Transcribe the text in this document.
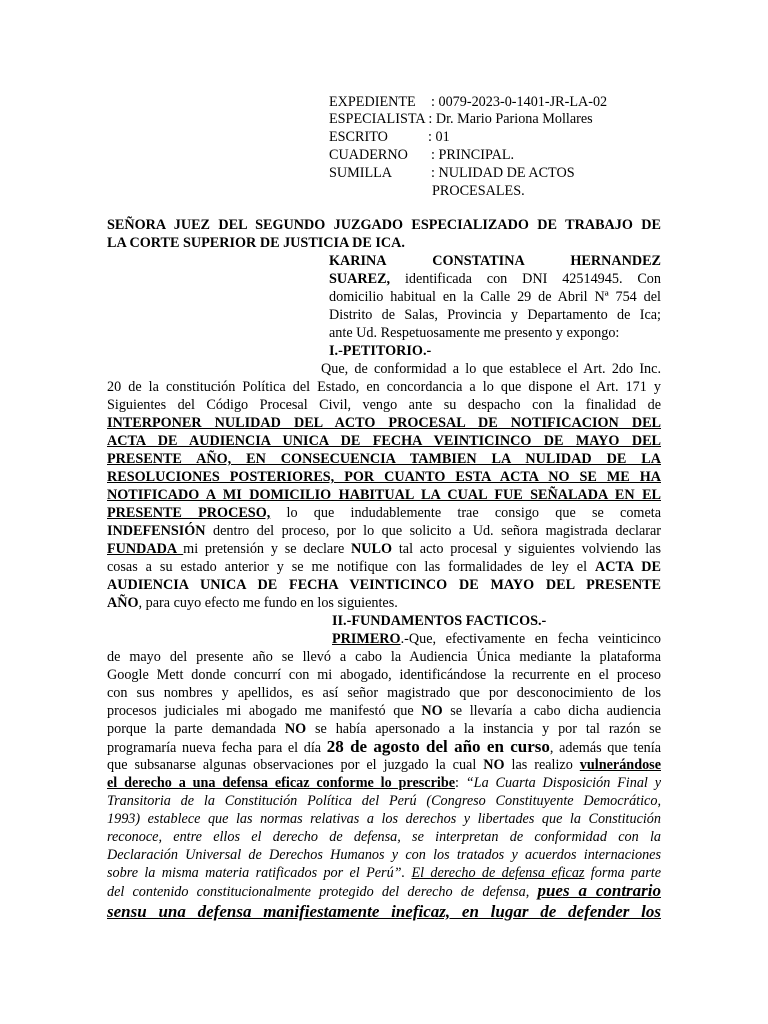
EXPEDIENTE : 0079-2023-0-1401-JR-LA-02
ESPECIALISTA : Dr. Mario Pariona Mollares
ESCRITO	: 01
CUADERNO : PRINCIPAL.
SUMILLA	: NULIDAD DE ACTOS
PROCESALES.
SEÑORA JUEZ DEL SEGUNDO JUZGADO ESPECIALIZADO DE TRABAJO DE
LA CORTE SUPERIOR DE JUSTICIA DE ICA.
KARINA CONSTATINA HERNANDEZ
SUAREZ, identificada con DNI 42514945. Con
domicilio habitual en la Calle 29 de Abril Nª 754 del
Distrito de Salas, Provincia y Departamento de Ica;
ante Ud. Respetuosamente me presento y expongo:
I.-PETITORIO.-
Que, de conformidad a lo que establece el Art. 2do Inc.
20 de la constitución Política del Estado, en concordancia a lo que dispone el Art. 171 y
Siguientes del Código Procesal Civil, vengo ante su despacho con la finalidad de
INTERPONER NULIDAD DEL ACTO PROCESAL DE NOTIFICACION DEL
ACTA DE AUDIENCIA UNICA DE FECHA VEINTICINCO DE MAYO DEL
PRESENTE AÑO, EN CONSECUENCIA TAMBIEN LA NULIDAD DE LA
RESOLUCIONES POSTERIORES, POR CUANTO ESTA ACTA NO SE ME HA
NOTIFICADO A MI DOMICILIO HABITUAL LA CUAL FUE SEÑALADA EN EL
PRESENTE PROCESO, lo que indudablemente trae consigo que se cometa
INDEFENSIÓN dentro del proceso, por lo que solicito a Ud. señora magistrada declarar
FUNDADA mi pretensión y se declare NULO tal acto procesal y siguientes volviendo las
cosas a su estado anterior y se me notifique con las formalidades de ley el ACTA DE
AUDIENCIA UNICA DE FECHA VEINTICINCO DE MAYO DEL PRESENTE
AÑO, para cuyo efecto me fundo en los siguientes.
II.-FUNDAMENTOS FACTICOS.-
PRIMERO.-Que, efectivamente en fecha veinticinco
de mayo del presente año se llevó a cabo la Audiencia Única mediante la plataforma
Google Mett donde concurrí con mi abogado, identificándose la recurrente en el proceso
con sus nombres y apellidos, es así señor magistrado que por desconocimiento de los
procesos judiciales mi abogado me manifestó que NO se llevaría a cabo dicha audiencia
porque la parte demandada NO se había apersonado a la instancia y por tal razón se
programaría nueva fecha para el día 28 de agosto del año en curso, además que tenía
que subsanarse algunas observaciones por el juzgado la cual NO las realizo vulnerándose
el derecho a una defensa eficaz conforme lo prescribe: “La Cuarta Disposición Final y
Transitoria de la Constitución Política del Perú (Congreso Constituyente Democrático,
1993) establece que las normas relativas a los derechos y libertades que la Constitución
reconoce, entre ellos el derecho de defensa, se interpretan de conformidad con la
Declaración Universal de Derechos Humanos y con los tratados y acuerdos internaciones
sobre la misma materia ratificados por el Perú”. El derecho de defensa eficaz forma parte
del contenido constitucionalmente protegido del derecho de defensa, pues a contrario
sensu una defensa manifiestamente ineficaz, en lugar de defender los
